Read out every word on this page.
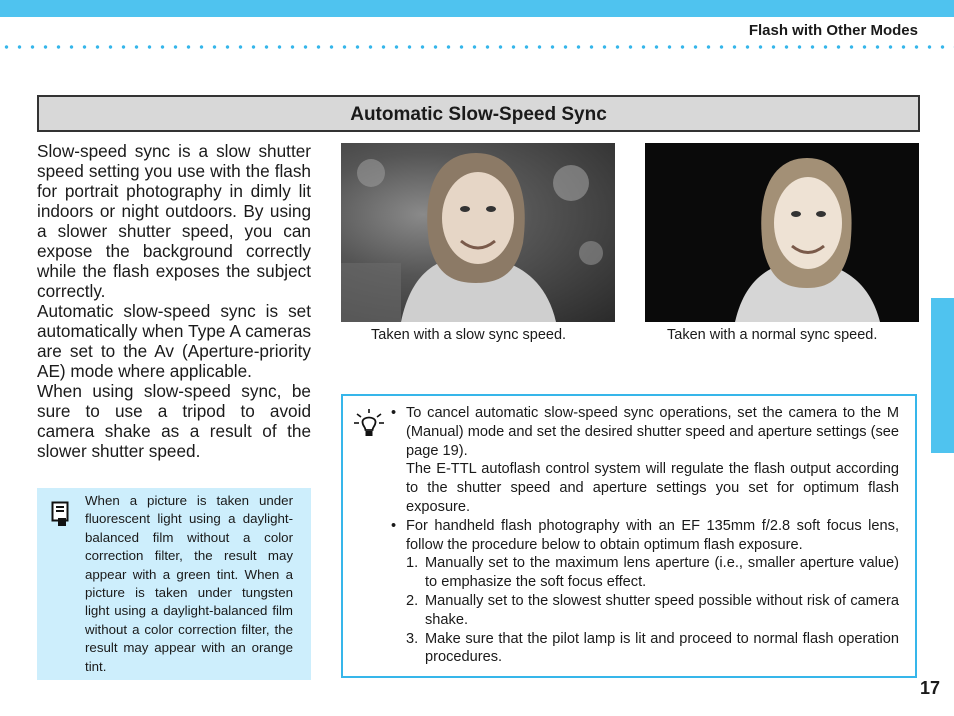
Flash with Other Modes
Automatic Slow-Speed Sync

Slow-speed sync is a slow shutter speed setting you use with the flash for portrait photography in dimly lit indoors or night outdoors. By using a slower shutter speed, you can expose the background correctly while the flash exposes the subject correctly.

Automatic slow-speed sync is set automatically when Type A cameras are set to the Av (Aperture-priority AE) mode where applicable.

When using slow-speed sync, be sure to use a tripod to avoid camera shake as a result of the slower shutter speed.

When a picture is taken under fluorescent light using a daylight-balanced film without a color correction filter, the result may appear with a green tint. When a picture is taken under tungsten light using a daylight-balanced film without a color correction filter, the result may appear with an orange tint.
Taken with a slow sync speed.	Taken with a normal sync speed.

• To cancel automatic slow-speed sync operations, set the camera to the M (Manual) mode and set the desired shutter speed and aperture settings (see page 19).

The E-TTL autoflash control system will regulate the flash output according to the shutter speed and aperture settings you set for optimum flash exposure.

• For handheld flash photography with an EF 135mm f/2.8 soft focus lens, follow the procedure below to obtain optimum flash exposure.

1. Manually set to the maximum lens aperture (i.e., smaller aperture value) to emphasize the soft focus effect.

2. Manually set to the slowest shutter speed possible without risk of camera shake.

3. Make sure that the pilot lamp is lit and proceed to normal flash operation procedures.

17
